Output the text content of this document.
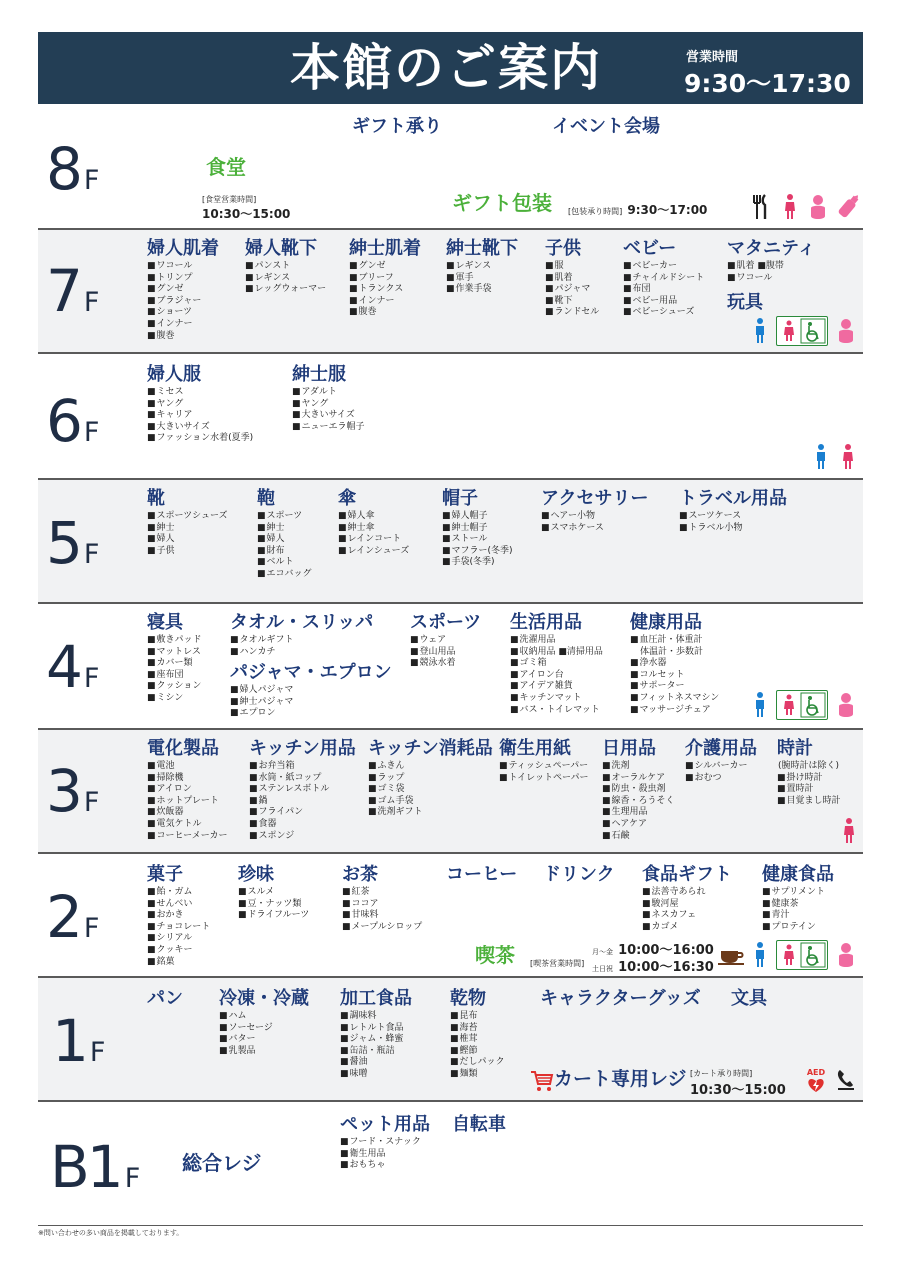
本館のご案内	営業時間
9:30〜17:30
8 F
ギフト承り	イベント会場
食堂
[食堂営業時間]
10:30〜15:00	ギフト包装 [包装承り時間] 9:30〜17:00
7 F
婦人肌着
■ ワコール
■ トリンプ
■ グンゼ
■ ブラジャー
■ ショーツ
■ インナー
■ 腹巻
婦人靴下
■ パンスト
■ レギンス
■ レッグウォーマー
紳士肌着
■ グンゼ
■ ブリーフ
■ トランクス
■ インナー
■ 腹巻
紳士靴下
■ レギンス
■ 軍手
■ 作業手袋
子供
■ 服
■ 肌着
■ パジャマ
■ 靴下
■ ランドセル
ベビー
■ ベビーカー
■ チャイルドシート
■ 布団
■ ベビー用品
■ ベビーシューズ
マタニティ
■ 肌着 ■腹帯
■ ワコール
玩具
6 F
婦人服
■ ミセス
■ ヤング
■ キャリア
■ 大きいサイズ
■ ファッション水着(夏季)
紳士服
■ アダルト
■ ヤング
■ 大きいサイズ
■ ニューエラ帽子
5 F
靴
■ スポーツシューズ
■ 紳士
■ 婦人
■ 子供
鞄
■ スポーツ
■ 紳士
■ 婦人
■ 財布
■ ベルト
■ エコバッグ
傘
■ 婦人傘
■ 紳士傘
■ レインコート
■ レインシューズ
帽子
■ 婦人帽子
■ 紳士帽子
■ ストール
■ マフラー(冬季)
■ 手袋(冬季)
アクセサリー
■ ヘアー小物
■ スマホケース
トラベル用品
■ スーツケース
■ トラベル小物
4 F
寝具
■ 敷きパッド
■ マットレス
■ カバー類
■ 座布団
■ クッション
■ ミシン
タオル・スリッパ
■ タオルギフト
■ ハンカチ
パジャマ・エプロン
■ 婦人パジャマ
■ 紳士パジャマ
■ エプロン
スポーツ
■ ウェア
■ 登山用品
■ 競泳水着
生活用品
■ 洗濯用品
■ 収納用品 ■清掃用品
■ ゴミ箱
■ アイロン台
■ アイデア雑貨
■ キッチンマット
■ バス・トイレマット
健康用品
■ 血圧計・体重計
体温計・歩数計
■ 浄水器
■ コルセット
■ サポーター
■ フィットネスマシン
■ マッサージチェア
3 F
電化製品
■ 電池
■ 掃除機
■ アイロン
■ ホットプレート
■ 炊飯器
■ 電気ケトル
■ コーヒーメーカー
キッチン用品
■ お弁当箱
■ 水筒・紙コップ
■ ステンレスボトル
■ 鍋
■ フライパン
■ 食器
■ スポンジ
キッチン消耗品
■ ふきん
■ ラップ
■ ゴミ袋
■ ゴム手袋
■ 洗剤ギフト
衛生用紙
■ ティッシュペーパー
■ トイレットペーパー
日用品
■ 洗剤
■ オーラルケア
■ 防虫・殺虫剤
■ 線香・ろうそく
■ 生理用品
■ ヘアケア
■ 石鹸
介護用品
■ シルバーカー
■ おむつ
時計
(腕時計は除く)
■ 掛け時計
■ 置時計
■ 目覚まし時計
2 F
菓子
■ 飴・ガム
■ せんべい
■ おかき
■ チョコレート
■ シリアル
■ クッキー
■ 銘菓
珍味
■ スルメ
■ 豆・ナッツ類
■ ドライフルーツ
お茶
■ 紅茶
■ ココア
■ 甘味料
■ メープルシロップ
コーヒー ドリンク 食品ギフト
■ 法善寺あられ
■ 駿河屋
■ ネスカフェ
■ カゴメ
健康食品
■ サプリメント
■ 健康茶
■ 青汁
■ プロテイン
喫茶 [喫茶営業時間]
月〜金 10:00〜16:00
土日祝 10:00〜16:30
1 F
パン 冷凍・冷蔵
■ ハム
■ ソーセージ
■ バター
■ 乳製品
加工食品
■ 調味料
■ レトルト食品
■ ジャム・蜂蜜
■ 缶詰・瓶詰
■ 醤油
■ 味噌
乾物
■ 昆布
■ 海苔
■ 椎茸
■ 鰹節
■ だしパック
■ 麺類
キャラクターグッズ 文具
カート専用レジ [カート承り時間]
10:30〜15:00
AED
B1 F 総合レジ
ペット用品
■ フード・スナック
■ 衛生用品
■ おもちゃ
自転車
※問い合わせの多い商品を掲載しております。
